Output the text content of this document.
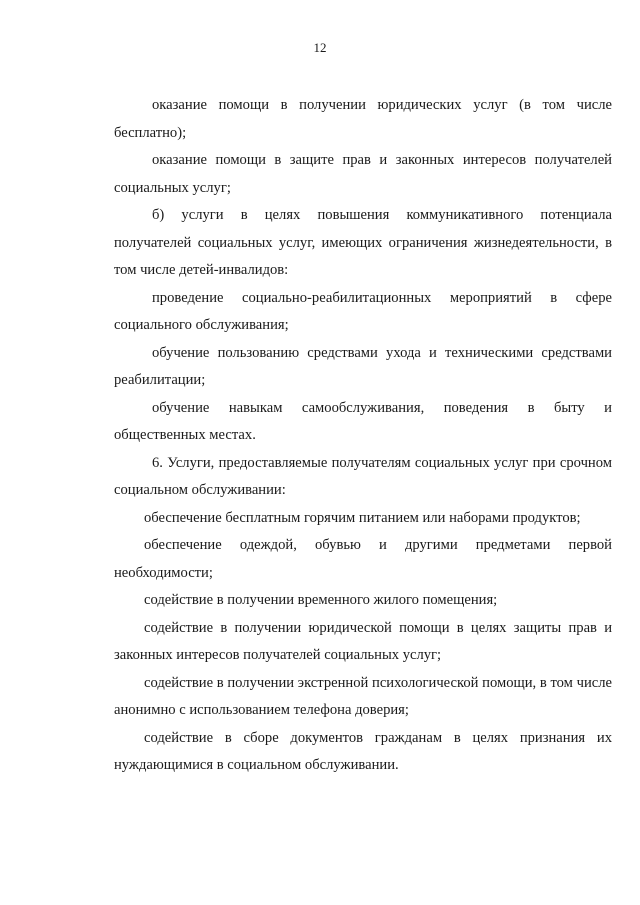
12

оказание помощи в получении юридических услуг (в том числе бесплатно);

оказание помощи в защите прав и законных интересов получателей социальных услуг;

б) услуги в целях повышения коммуникативного потенциала получателей социальных услуг, имеющих ограничения жизнедеятельности, в том числе детей-инвалидов:

проведение социально-реабилитационных мероприятий в сфере социального обслуживания;

обучение пользованию средствами ухода и техническими средствами реабилитации;

обучение навыкам самообслуживания, поведения в быту и общественных местах.

6. Услуги, предоставляемые получателям социальных услуг при срочном социальном обслуживании:

обеспечение бесплатным горячим питанием или наборами продуктов;

обеспечение одеждой, обувью и другими предметами первой необходимости;

содействие в получении временного жилого помещения;

содействие в получении юридической помощи в целях защиты прав и законных интересов получателей социальных услуг;

содействие в получении экстренной психологической помощи, в том числе анонимно с использованием телефона доверия;

содействие в сборе документов гражданам в целях признания их нуждающимися в социальном обслуживании.
